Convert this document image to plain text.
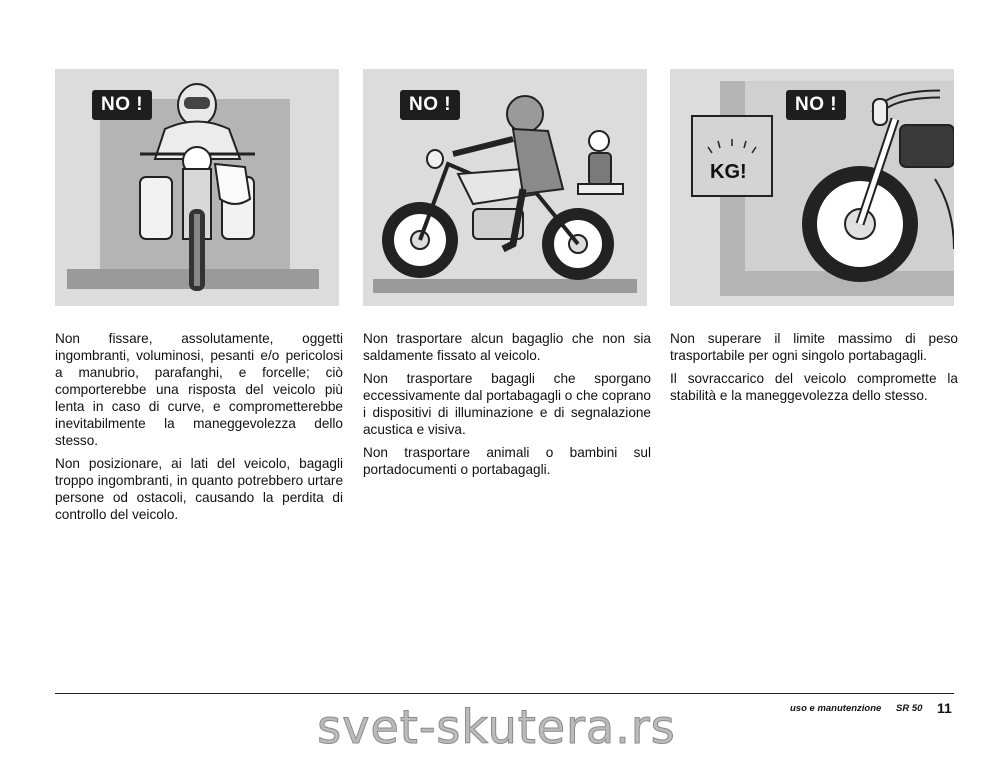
NO !	NO !	NO !
KG!

Non fissare, assolutamente, oggetti ingombranti, voluminosi, pesanti e/o pericolosi a manubrio, parafanghi, e forcelle; ciò comporterebbe una risposta del veicolo più lenta in caso di curve, e comprometterebbe inevitabilmente la maneggevolezza dello stesso.

Non posizionare, ai lati del veicolo, bagagli troppo ingombranti, in quanto potrebbero urtare persone od ostacoli, causando la perdita di controllo del veicolo.

Non trasportare alcun bagaglio che non sia saldamente fissato al veicolo.

Non trasportare bagagli che sporgano eccessivamente dal portabagagli o che coprano i dispositivi di illuminazione e di segnalazione acustica e visiva.

Non trasportare animali o bambini sul portadocumenti o portabagagli.

Non superare il limite massimo di peso trasportabile per ogni singolo portabagagli.

Il sovraccarico del veicolo compromette la stabilità e la maneggevolezza dello stesso.

uso e manutenzione SR 50 11
svet-skutera.rs
